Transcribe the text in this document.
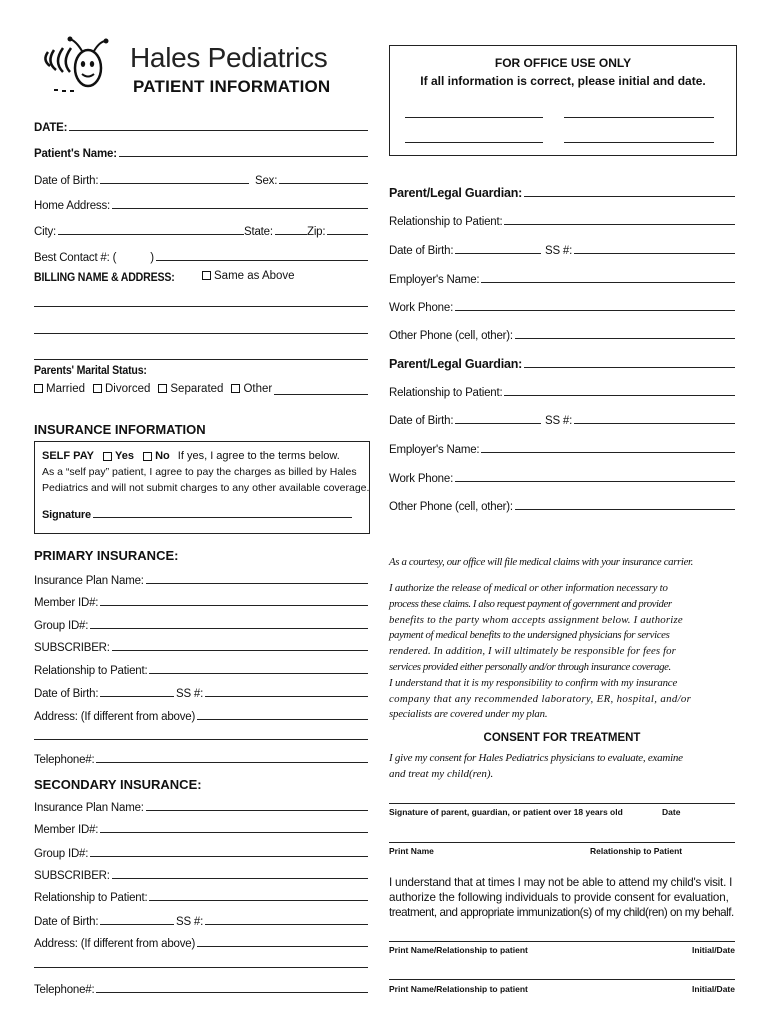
Hales Pediatrics
PATIENT INFORMATION
FOR OFFICE USE ONLY
If all information is correct, please initial and date.
DATE:
Patient's Name:
Date of Birth:	Sex:
Home Address:
City:	State:	Zip:
Best Contact #: (	)
BILLING NAME & ADDRESS:	Same as Above
Parents' Marital Status:
Married	Divorced	Separated	Other
INSURANCE INFORMATION
SELF PAY Yes No If yes, I agree to the terms below.
As a “self pay” patient, I agree to pay the charges as billed by Hales
Pediatrics and will not submit charges to any other available coverage.
Signature
PRIMARY INSURANCE:
Insurance Plan Name:
Member ID#:
Group ID#:
SUBSCRIBER:
Relationship to Patient:
Date of Birth:	SS #:
Address: (If different from above)
Telephone#:
SECONDARY INSURANCE:
Insurance Plan Name:
Member ID#:
Group ID#:
SUBSCRIBER:
Relationship to Patient:
Date of Birth:	SS #:
Address: (If different from above)
Telephone#:
Parent/Legal Guardian:
Relationship to Patient:
Date of Birth:	SS #:
Employer's Name:
Work Phone:
Other Phone (cell, other):
Parent/Legal Guardian:
Relationship to Patient:
Date of Birth:	SS #:
Employer's Name:
Work Phone:
Other Phone (cell, other):
As a courtesy, our office will file medical claims with your insurance carrier.
I authorize the release of medical or other information necessary to
process these claims. I also request payment of government and provider
benefits to the party whom accepts assignment below. I authorize
payment of medical benefits to the undersigned physicians for services
rendered. In addition, I will ultimately be responsible for fees for
services provided either personally and/or through insurance coverage.
I understand that it is my responsibility to confirm with my insurance
company that any recommended laboratory, ER, hospital, and/or
specialists are covered under my plan.
CONSENT FOR TREATMENT
I give my consent for Hales Pediatrics physicians to evaluate, examine
and treat my child(ren).
Signature of parent, guardian, or patient over 18 years old	Date
Print Name	Relationship to Patient
I understand that at times I may not be able to attend my child's visit. I
authorize the following individuals to provide consent for evaluation,
treatment, and appropriate immunization(s) of my child(ren) on my behalf.
Print Name/Relationship to patient	Initial/Date
Print Name/Relationship to patient	Initial/Date
